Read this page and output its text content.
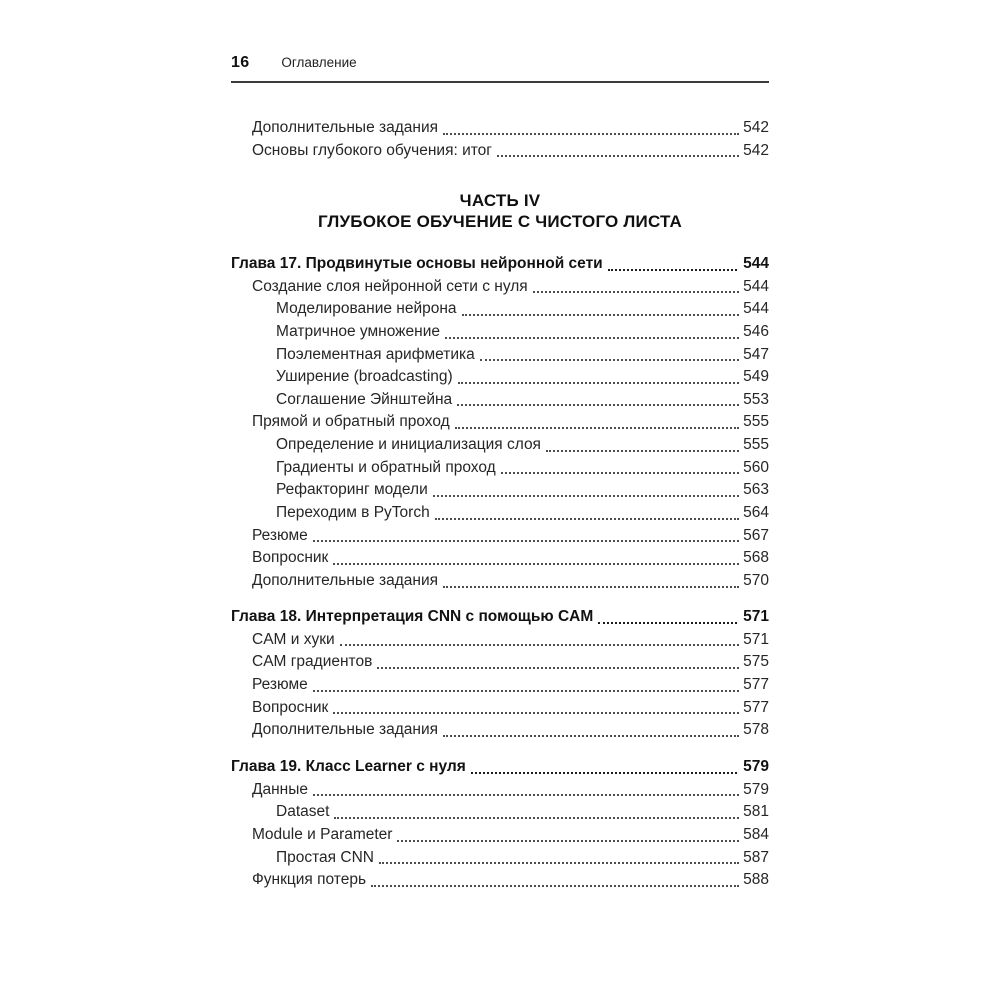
16 Оглавление
Дополнительные задания	542
Основы глубокого обучения: итог	542
ЧАСТЬ IV
ГЛУБОКОЕ ОБУЧЕНИЕ С ЧИСТОГО ЛИСТА
Глава 17. Продвинутые основы нейронной сети	544
Создание слоя нейронной сети с нуля	544
Моделирование нейрона	544
Матричное умножение	546
Поэлементная арифметика	547
Уширение (broadcasting)	549
Соглашение Эйнштейна	553
Прямой и обратный проход	555
Определение и инициализация слоя	555
Градиенты и обратный проход	560
Рефакторинг модели	563
Переходим в PyTorch	564
Резюме	567
Вопросник	568
Дополнительные задания	570
Глава 18. Интерпретация CNN с помощью CAM	571
CAM и хуки	571
CAM градиентов	575
Резюме	577
Вопросник	577
Дополнительные задания	578
Глава 19. Класс Learner с нуля	579
Данные	579
Dataset	581
Module и Parameter	584
Простая CNN	587
Функция потерь	588
